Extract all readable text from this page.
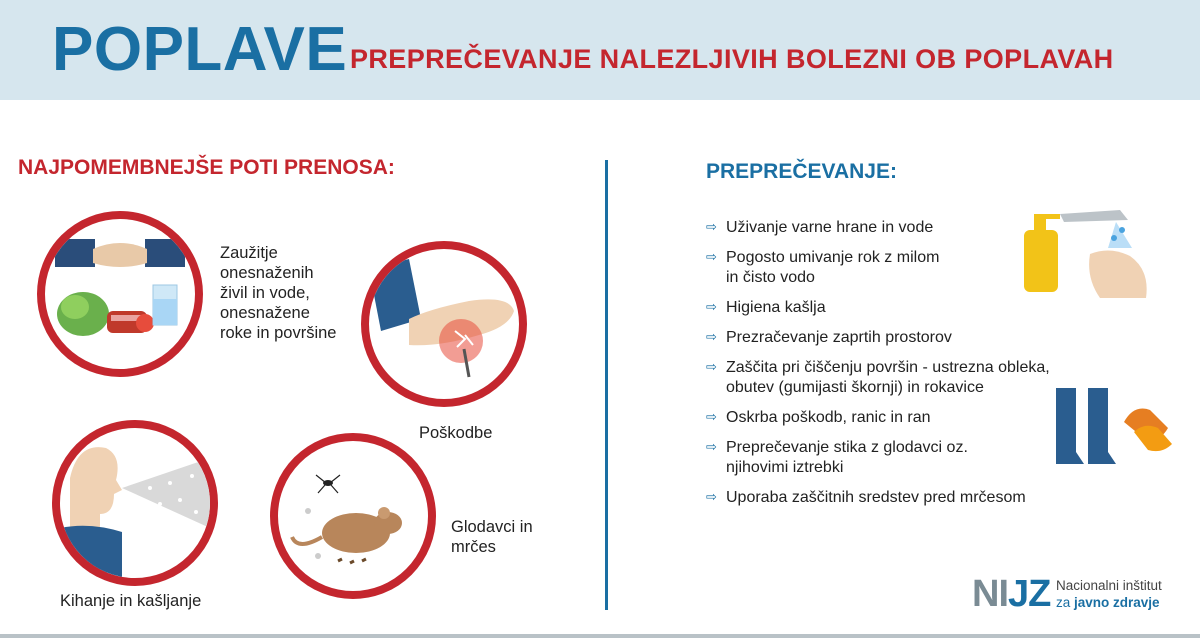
POPLAVE PREPREČEVANJE NALEZLJIVIH BOLEZNI OB POPLAVAH
NAJPOMEMBNEJŠE POTI PRENOSA:	PREPREČEVANJE:
Zaužitje onesnaženih živil in vode, onesnažene roke in površine
Poškodbe
Kihanje in kašljanje
Glodavci in mrčes
⇨ Uživanje varne hrane in vode
⇨ Pogosto umivanje rok z milom in čisto vodo
⇨ Higiena kašlja
⇨ Prezračevanje zaprtih prostorov
⇨ Zaščita pri čiščenju površin - ustrezna obleka, obutev (gumijasti škornji) in rokavice
⇨ Oskrba poškodb, ranic in ran
⇨ Preprečevanje stika z glodavci oz. njihovimi iztrebki
⇨ Uporaba zaščitnih sredstev pred mrčesom
NIJZ Nacionalni inštitut
za javno zdravje
